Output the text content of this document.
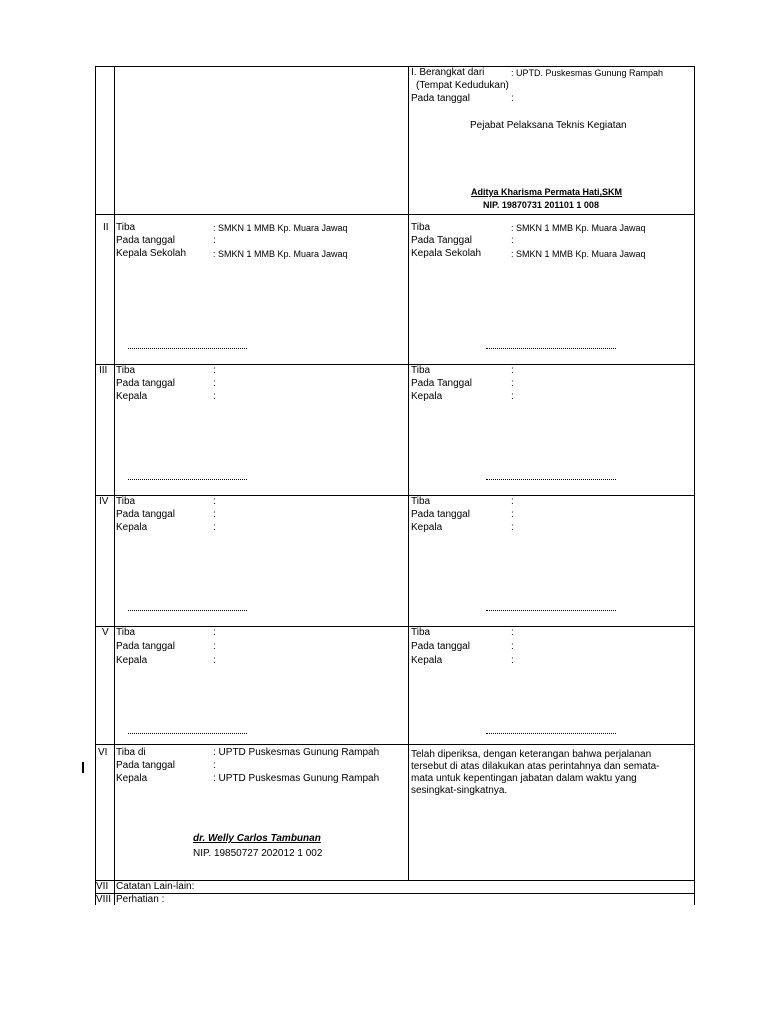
I. Berangkat dari	: UPTD. Puskesmas Gunung Rampah
(Tempat Kedudukan)
Pada tanggal	:
Pejabat Pelaksana Teknis Kegiatan
Aditya Kharisma Permata Hati,SKM
NIP. 19870731 201101 1 008
II Tiba	: SMKN 1 MMB Kp. Muara Jawaq
Pada tanggal	:
Kepala Sekolah	: SMKN 1 MMB Kp. Muara Jawaq
Tiba	: SMKN 1 MMB Kp. Muara Jawaq
Pada Tanggal	:
Kepala Sekolah	: SMKN 1 MMB Kp. Muara Jawaq
III Tiba	:
Pada tanggal	:
Kepala	:
Tiba	:
Pada Tanggal	:
Kepala	:
IV Tiba	:
Pada tanggal	:
Kepala	:
Tiba	:
Pada tanggal	:
Kepala	:
V Tiba	:
Pada tanggal	:
Kepala	:
Tiba	:
Pada tanggal	:
Kepala	:
VI Tiba di	: UPTD Puskesmas Gunung Rampah
Pada tanggal	:
Kepala	: UPTD Puskesmas Gunung Rampah
Telah diperiksa, dengan keterangan bahwa perjalanan
tersebut di atas dilakukan atas perintahnya dan semata-
mata untuk kepentingan jabatan dalam waktu yang
sesingkat-singkatnya.
dr. Welly Carlos Tambunan
NIP. 19850727 202012 1 002
VII Catatan Lain-lain:
VIII Perhatian :
